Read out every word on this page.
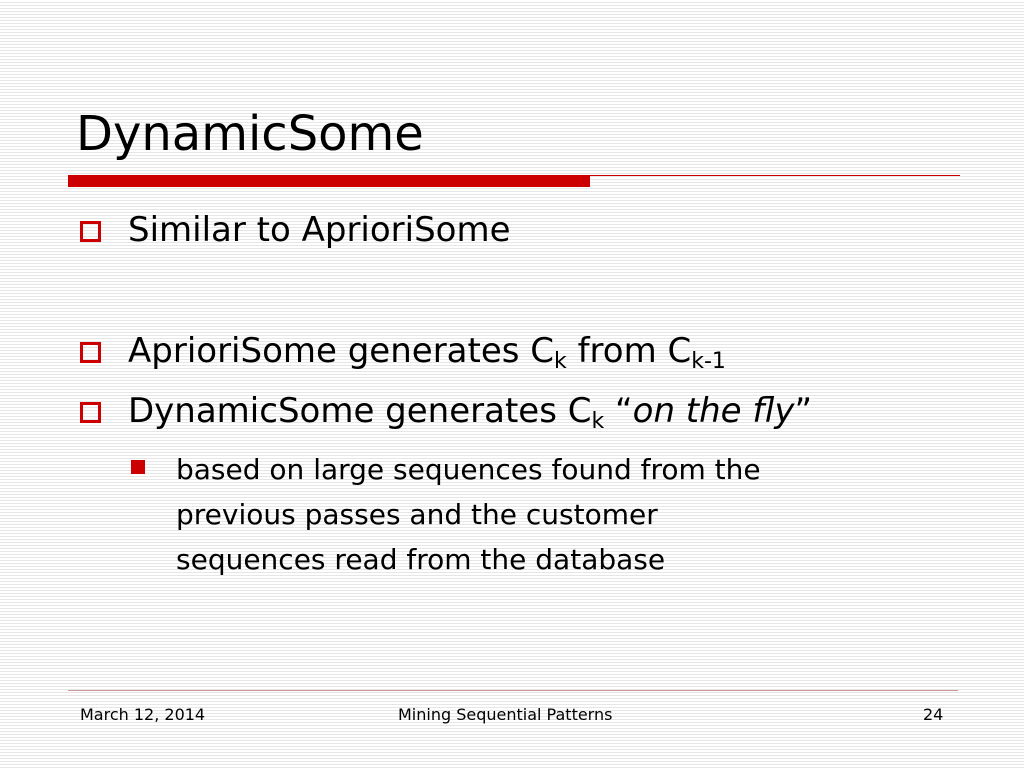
DynamicSome
Similar to AprioriSome
AprioriSome generates $C_k$ from $C_{k-1}$
DynamicSome generates $C_k$ “on the fly”
based on large sequences found from the
previous passes and the customer
sequences read from the database
March 12, 2014	Mining Sequential Patterns	24
